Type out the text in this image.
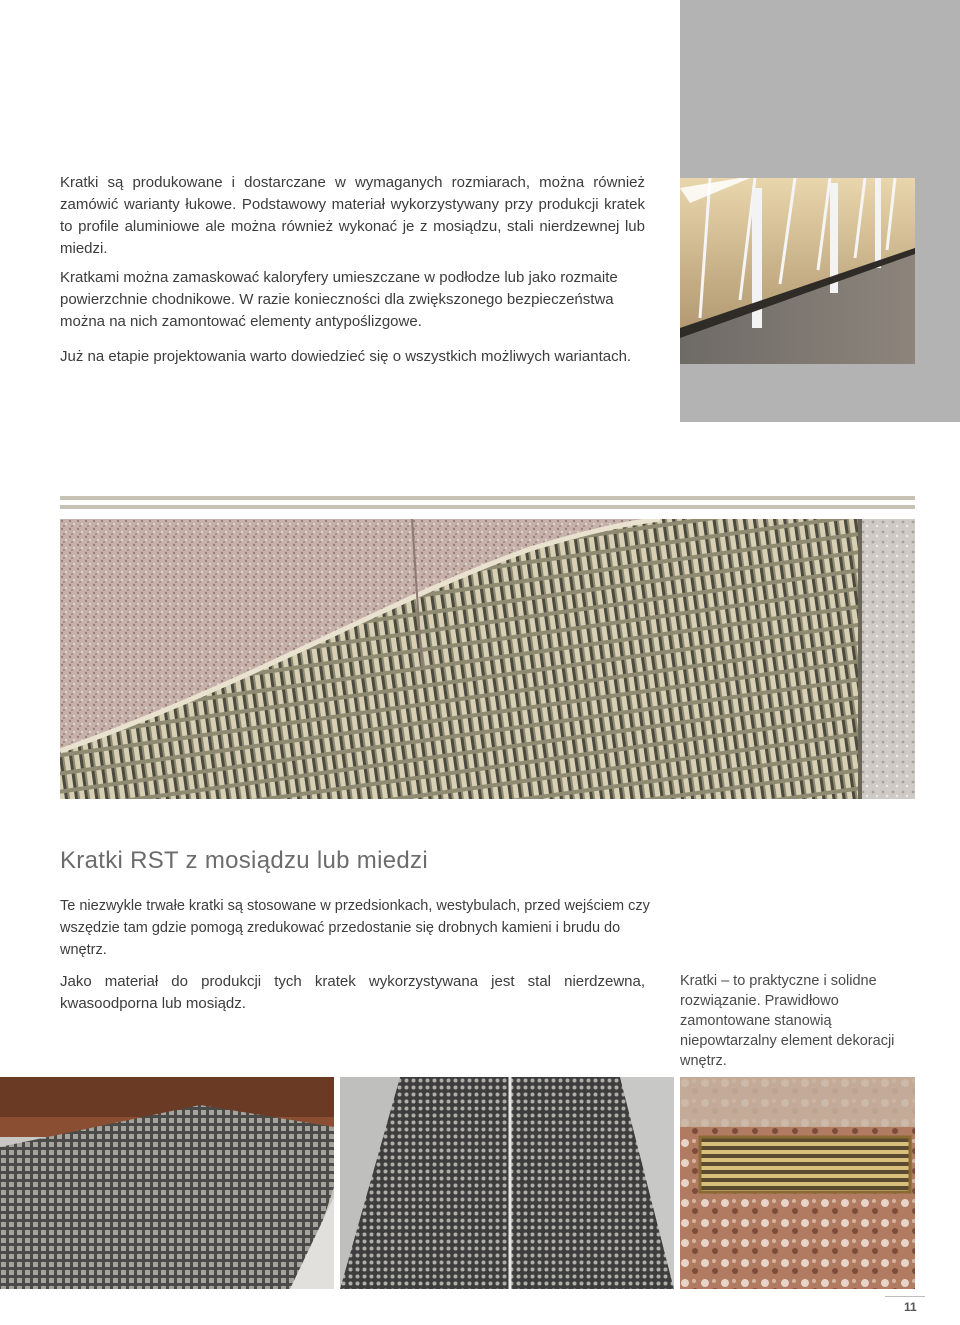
Kratki są produkowane i dostarczane w wymaganych rozmiarach, można również zamówić warianty łukowe. Podstawowy materiał wykorzystywany przy produkcji kratek to profile aluminiowe ale można również wykonać je z mosiądzu, stali nierdzewnej lub miedzi.

Kratkami można zamaskować kaloryfery umieszczane w podłodze lub jako rozmaite powierzchnie chodnikowe. W razie konieczności dla zwiększonego bezpieczeństwa można na nich zamontować elementy antypoślizgowe.

Już na etapie projektowania warto dowiedzieć się o wszystkich możliwych wariantach.

Kratki RST z mosiądzu lub miedzi

Te niezwykle trwałe kratki są stosowane w przedsionkach, westybulach, przed wejściem czy wszędzie tam gdzie pomogą zredukować przedostanie się drobnych kamieni i brudu do wnętrz.

Jako materiał do produkcji tych kratek wykorzystywana jest stal nierdzewna, kwasoodporna lub mosiądz.

Kratki – to praktyczne i solidne rozwiązanie. Prawidłowo zamontowane stanowią niepowtarzalny element dekoracji wnętrz.

11
